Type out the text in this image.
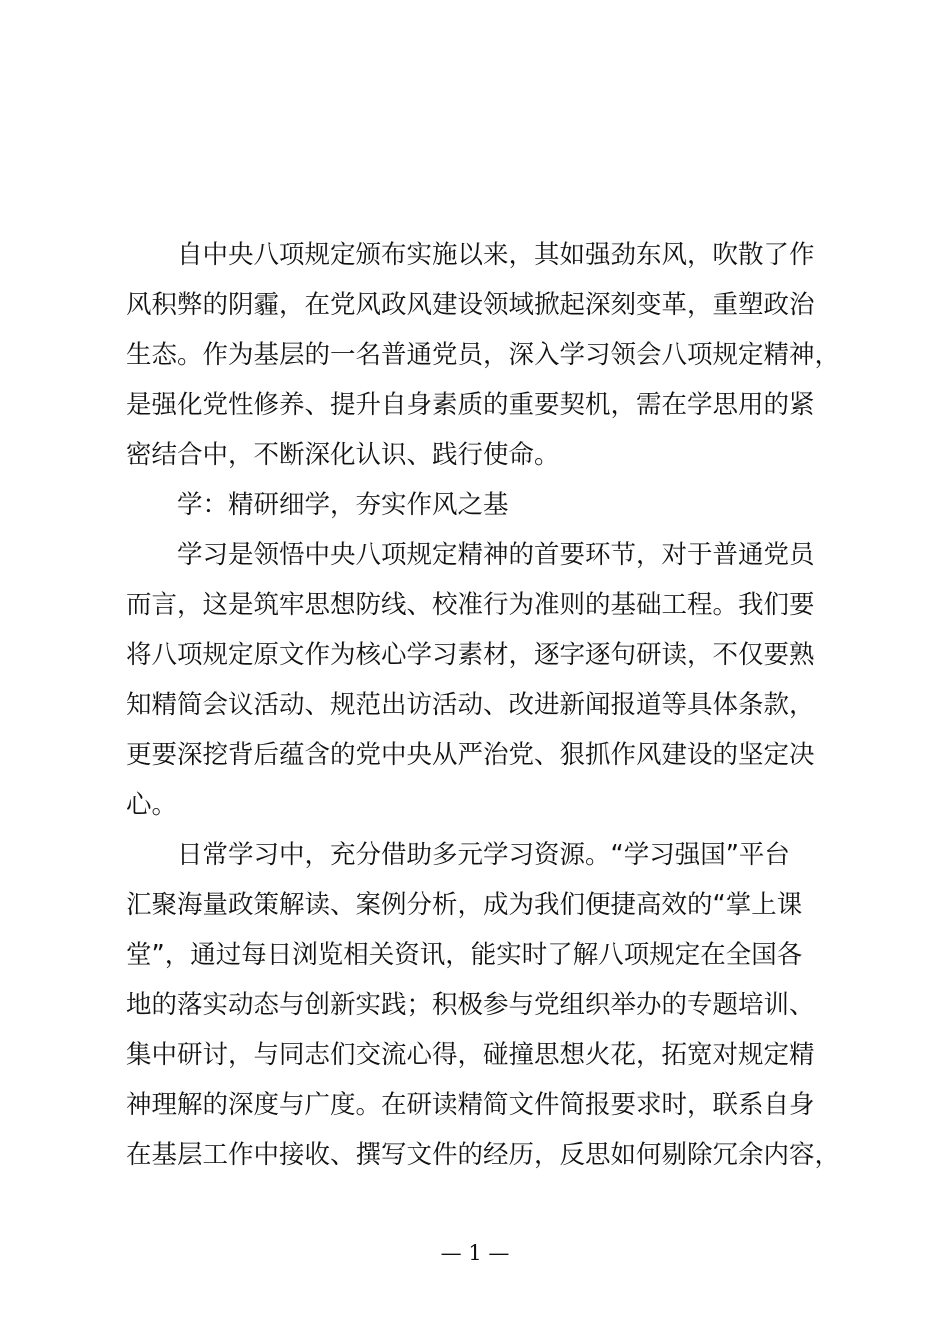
自中央八项规定颁布实施以来，其如强劲东风，吹散了作
风积弊的阴霾，在党风政风建设领域掀起深刻变革，重塑政治
生态。作为基层的一名普通党员，深入学习领会八项规定精神，
是强化党性修养、提升自身素质的重要契机，需在学思用的紧
密结合中，不断深化认识、践行使命。
学：精研细学，夯实作风之基
学习是领悟中央八项规定精神的首要环节，对于普通党员
而言，这是筑牢思想防线、校准行为准则的基础工程。我们要
将八项规定原文作为核心学习素材，逐字逐句研读，不仅要熟
知精简会议活动、规范出访活动、改进新闻报道等具体条款，
更要深挖背后蕴含的党中央从严治党、狠抓作风建设的坚定决
心。
日常学习中，充分借助多元学习资源。“学习强国”平台
汇聚海量政策解读、案例分析，成为我们便捷高效的“掌上课
堂”，通过每日浏览相关资讯，能实时了解八项规定在全国各
地的落实动态与创新实践；积极参与党组织举办的专题培训、
集中研讨，与同志们交流心得，碰撞思想火花，拓宽对规定精
神理解的深度与广度。在研读精简文件简报要求时，联系自身
在基层工作中接收、撰写文件的经历，反思如何剔除冗余内容，
— 1 —
